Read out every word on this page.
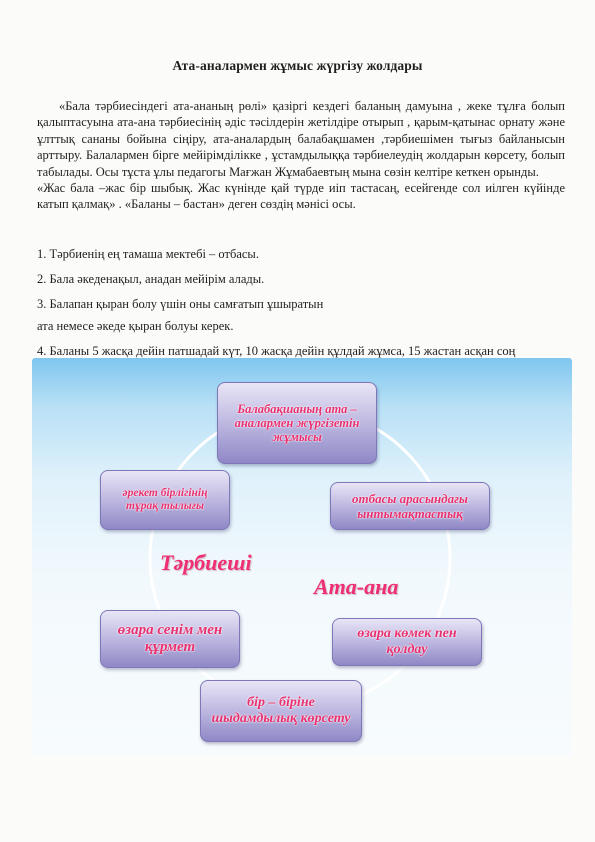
Ата-аналармен жұмыс жүргізу жолдары

«Бала тәрбиесіндегі ата-ананың рөлі» қазіргі кездегі баланың дамуына , жеке тұлға болып қалыптасуына ата-ана тәрбиесінің әдіс тәсілдерін жетілдіре отырып , қарым-қатынас орнату және ұлттық сананы бойына сіңіру, ата-аналардың балабақшамен ,тәрбиешімен тығыз байланысын арттыру. Балалармен бірге мейірімділікке , ұстамдылыққа тәрбиелеудің жолдарын көрсету, болып табылады. Осы тұста ұлы педагогы Мағжан Жұмабаевтың мына сөзін келтіре кеткен орынды.

«Жас бала –жас бір шыбық. Жас күнінде қай түрде иіп тастасаң, есейгенде сол иілген күйінде катып қалмақ» . «Баланы – бастан» деген сөздің мәнісі осы.

1. Тәрбиенің ең тамаша мектебі – отбасы.

2. Бала әкеденақыл, анадан мейірім алады.

3. Балапан қыран болу үшін оны самғатып ұшыратын

ата немесе әкеде қыран болуы керек.

4. Баланы 5 жасқа дейін патшадай күт, 10 жасқа дейін құлдай жұмса, 15 жастан асқан соң

Балабақшаның ата – аналармен жүргізетін жұмысы
отбасы арасындағы ынтымақтастық
өзара көмек пен қолдау
бір – біріне шыдамдылық көрсету
өзара сенім мен құрмет
әрекет бірлігінің тұрақ тылығы
Тәрбиеші
Ата-ана
